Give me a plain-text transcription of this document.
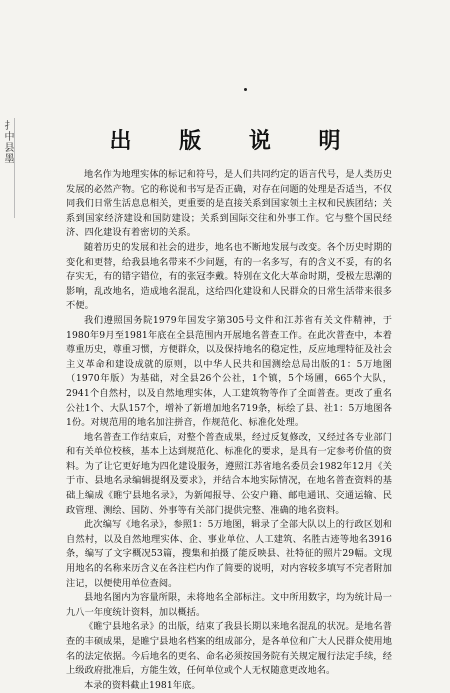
扌中县墨	出 版 说 明

地名作为地理实体的标记和符号，是人们共同约定的语言代号，是人类历史发展的必然产物。它的称说和书写是否正确，对存在问题的处理是否适当，不仅同我们日常生活息息相关，更重要的是直接关系到国家领土主权和民族团结；关系到国家经济建设和国防建设；关系到国际交往和外事工作。它与整个国民经济、四化建设有着密切的关系。

随着历史的发展和社会的进步，地名也不断地发展与改变。各个历史时期的变化和更替，给我县地名带来不少问题，有的一名多写，有的含义不妥，有的名存实无，有的错字错位，有的张冠李戴。特别在文化大革命时期，受极左思潮的影响，乱改地名，造成地名混乱，这给四化建设和人民群众的日常生活带来很多不便。

我们遵照国务院1979年国发字第305号文件和江苏省有关文件精神，于1980年9月至1981年底在全县范围内开展地名普查工作。在此次普查中，本着尊重历史，尊重习惯，方便群众，以及保持地名的稳定性，反应地理特征及社会主义革命和建设成就的原则，以中华人民共和国测绘总局出版的1：5万地图（1970年版）为基础，对全县26个公社，1个镇，5个场圃，665个大队，2941个自然村，以及自然地理实体，人工建筑物等作了全面普查。更改了重名公社1个、大队157个，增补了新增加地名719条，标绘了县、社1：5万地图各1份。对规范用的地名加注拼音，作规范化、标准化处理。

地名普查工作结束后，对整个普查成果，经过反复修改，又经过各专业部门和有关单位校核，基本上达到规范化、标准化的要求，是具有一定参考价值的资料。为了让它更好地为四化建设服务，遵照江苏省地名委员会1982年12月《关于市、县地名录编辑提纲及要求》，并结合本地实际情况，在地名普查资料的基础上编成《睢宁县地名录》，为新闻报导、公安户籍、邮电通讯、交通运输、民政管理、测绘、国防、外事等有关部门提供完整、准确的地名资料。

此次编写《地名录》，参照1：5万地图，辑录了全部大队以上的行政区划和自然村，以及自然地理实体、企、事业单位、人工建筑、名胜古迹等地名3916条，编写了文字概况53篇，搜集和拍摄了能反映县、社特征的照片29幅。文现用地名的名称来历含义在各注栏内作了简要的说明，对内容较多填写不完者附加注记，以便使用单位查阅。

县地名图内为容量所限，未将地名全部标注。文中所用数字，均为统计局一九八一年度统计资料，加以概括。

《睢宁县地名录》的出版，结束了我县长期以来地名混乱的状况。是地名普查的丰硕成果，是睢宁县地名档案的组成部分，是各单位和广大人民群众使用地名的法定依据。今后地名的更名、命名必须按国务院有关规定履行法定手续，经上级政府批准后，方能生效，任何单位或个人无权随意更改地名。

本录的资料截止1981年底。
